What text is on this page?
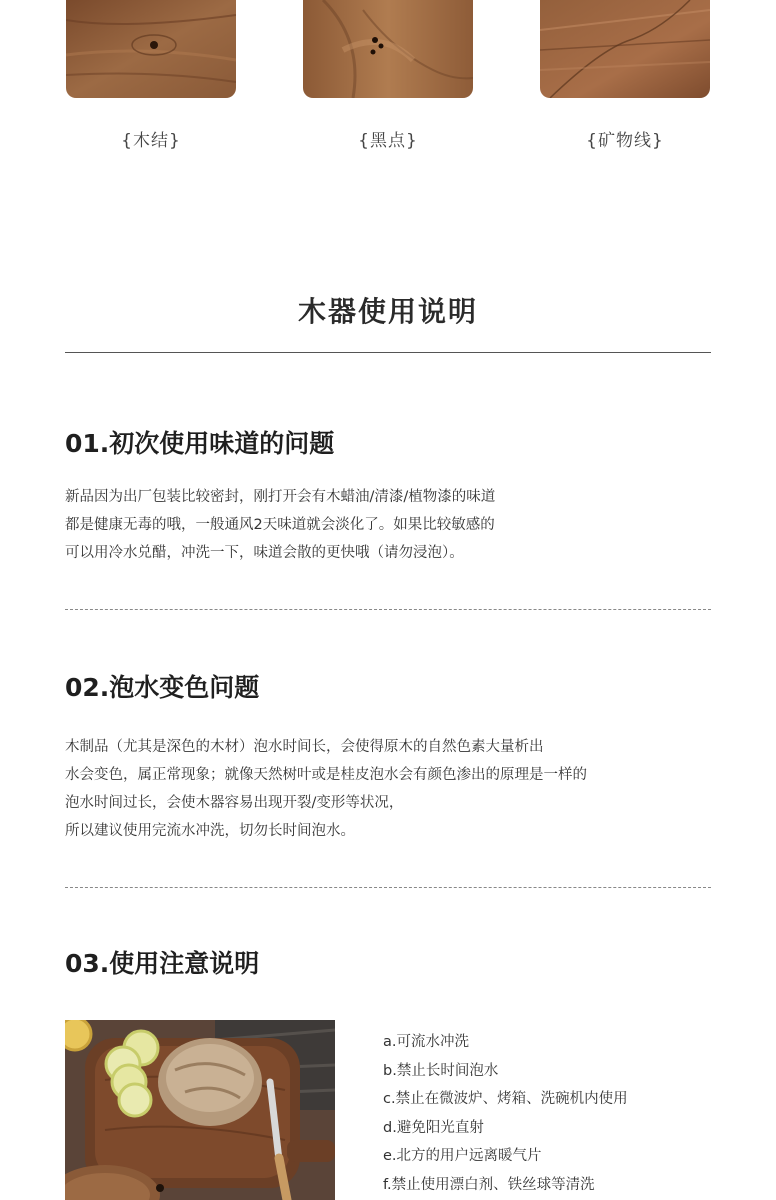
{木结}	{黑点}	{矿物线}
木器使用说明
01.初次使用味道的问题
新品因为出厂包装比较密封，刚打开会有木蜡油/清漆/植物漆的味道
都是健康无毒的哦，一般通风2天味道就会淡化了。如果比较敏感的
可以用冷水兑醋，冲洗一下，味道会散的更快哦（请勿浸泡）。
02.泡水变色问题
木制品（尤其是深色的木材）泡水时间长，会使得原木的自然色素大量析出
水会变色，属正常现象；就像天然树叶或是桂皮泡水会有颜色渗出的原理是一样的
泡水时间过长，会使木器容易出现开裂/变形等状况，
所以建议使用完流水冲洗，切勿长时间泡水。
03.使用注意说明
a.可流水冲洗
b.禁止长时间泡水
c.禁止在微波炉、烤箱、洗碗机内使用
d.避免阳光直射
e.北方的用户远离暖气片
f.禁止使用漂白剂、铁丝球等清洗
